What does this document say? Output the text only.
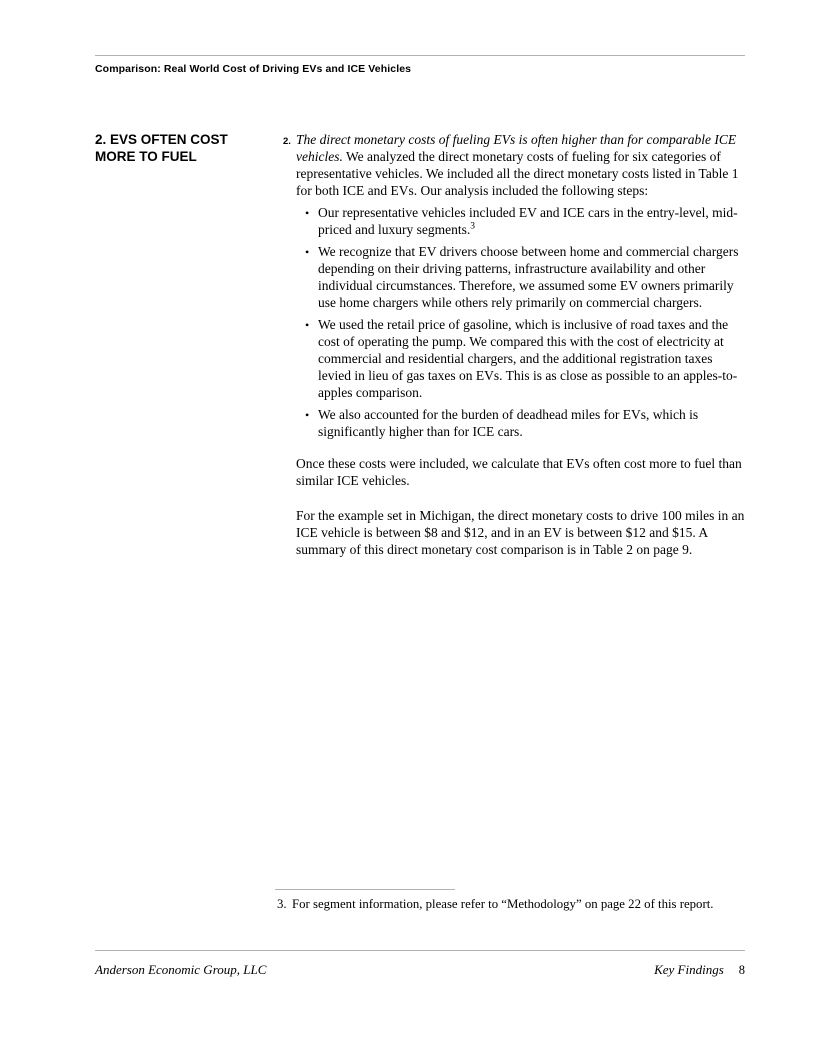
Comparison: Real World Cost of Driving EVs and ICE Vehicles
2. EVS OFTEN COST
MORE TO FUEL
2. The direct monetary costs of fueling EVs is often higher than for comparable ICE vehicles. We analyzed the direct monetary costs of fueling for six categories of representative vehicles. We included all the direct monetary costs listed in Table 1 for both ICE and EVs. Our analysis included the following steps:
• Our representative vehicles included EV and ICE cars in the entry-level, mid-priced and luxury segments.$^3$
• We recognize that EV drivers choose between home and commercial chargers depending on their driving patterns, infrastructure availability and other individual circumstances. Therefore, we assumed some EV owners primarily use home chargers while others rely primarily on commercial chargers.
• We used the retail price of gasoline, which is inclusive of road taxes and the cost of operating the pump. We compared this with the cost of electricity at commercial and residential chargers, and the additional registration taxes levied in lieu of gas taxes on EVs. This is as close as possible to an apples-to-apples comparison.
• We also accounted for the burden of deadhead miles for EVs, which is significantly higher than for ICE cars.
Once these costs were included, we calculate that EVs often cost more to fuel than similar ICE vehicles.
For the example set in Michigan, the direct monetary costs to drive 100 miles in an ICE vehicle is between $8 and $12, and in an EV is between $12 and $15. A summary of this direct monetary cost comparison is in Table 2 on page 9.
3. For segment information, please refer to “Methodology” on page 22 of this report.
Anderson Economic Group, LLC	Key Findings 8
